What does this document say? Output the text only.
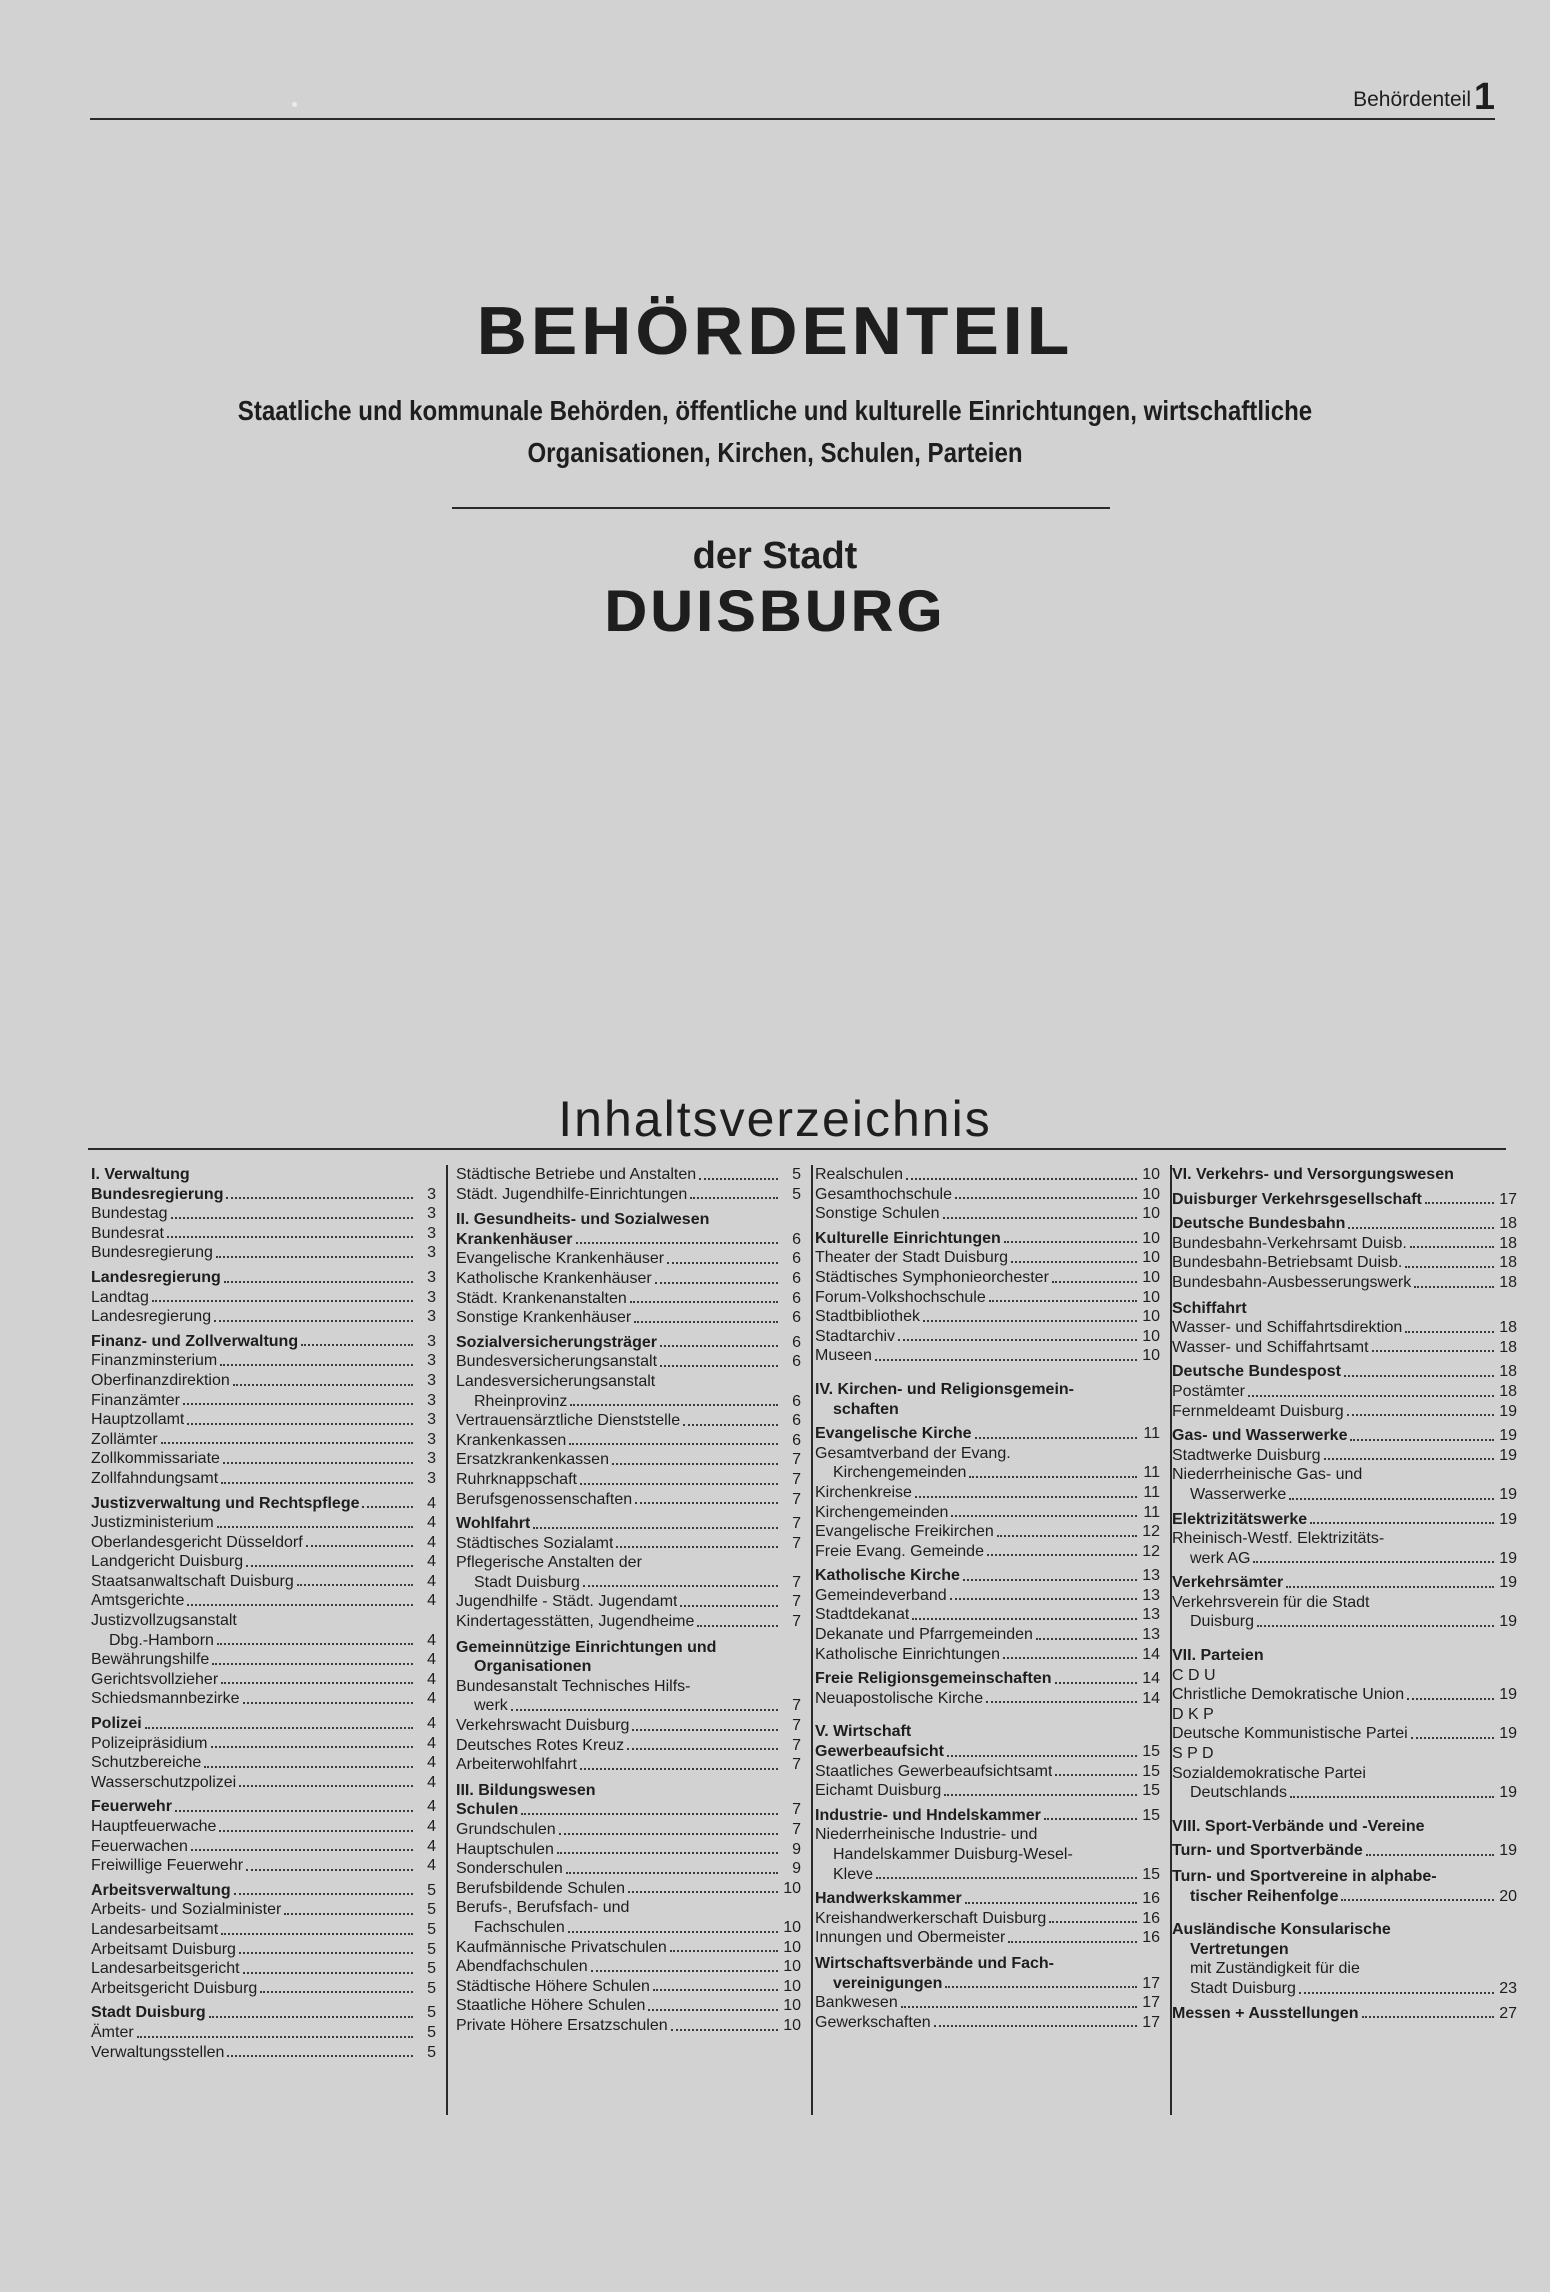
Behördenteil 1
BEHÖRDENTEIL
Staatliche und kommunale Behörden, öffentliche und kulturelle Einrichtungen, wirtschaftliche
Organisationen, Kirchen, Schulen, Parteien
der Stadt
DUISBURG
Inhaltsverzeichnis
I. Verwaltung
Bundesregierung	3
Bundestag	3
Bundesrat	3
Bundesregierung	3
Landesregierung	3
Landtag	3
Landesregierung	3
Finanz- und Zollverwaltung	3
Finanzminsterium	3
Oberfinanzdirektion	3
Finanzämter	3
Hauptzollamt	3
Zollämter	3
Zollkommissariate	3
Zollfahndungsamt	3
Justizverwaltung und Rechtspflege	4
Justizministerium	4
Oberlandesgericht Düsseldorf	4
Landgericht Duisburg	4
Staatsanwaltschaft Duisburg	4
Amtsgerichte	4
Justizvollzugsanstalt
Dbg.-Hamborn	4
Bewährungshilfe	4
Gerichtsvollzieher	4
Schiedsmannbezirke	4
Polizei	4
Polizeipräsidium	4
Schutzbereiche	4
Wasserschutzpolizei	4
Feuerwehr	4
Hauptfeuerwache	4
Feuerwachen	4
Freiwillige Feuerwehr	4
Arbeitsverwaltung	5
Arbeits- und Sozialminister	5
Landesarbeitsamt	5
Arbeitsamt Duisburg	5
Landesarbeitsgericht	5
Arbeitsgericht Duisburg	5
Stadt Duisburg	5
Ämter	5
Verwaltungsstellen	5
Städtische Betriebe und Anstalten	5
Städt. Jugendhilfe-Einrichtungen	5
II. Gesundheits- und Sozialwesen
Krankenhäuser	6
Evangelische Krankenhäuser	6
Katholische Krankenhäuser	6
Städt. Krankenanstalten	6
Sonstige Krankenhäuser	6
Sozialversicherungsträger	6
Bundesversicherungsanstalt	6
Landesversicherungsanstalt
Rheinprovinz	6
Vertrauensärztliche Dienststelle	6
Krankenkassen	6
Ersatzkrankenkassen	7
Ruhrknappschaft	7
Berufsgenossenschaften	7
Wohlfahrt	7
Städtisches Sozialamt	7
Pflegerische Anstalten der
Stadt Duisburg	7
Jugendhilfe - Städt. Jugendamt	7
Kindertagesstätten, Jugendheime	7
Gemeinnützige Einrichtungen und
Organisationen
Bundesanstalt Technisches Hilfs-
werk	7
Verkehrswacht Duisburg	7
Deutsches Rotes Kreuz	7
Arbeiterwohlfahrt	7
III. Bildungswesen
Schulen	7
Grundschulen	7
Hauptschulen	9
Sonderschulen	9
Berufsbildende Schulen	10
Berufs-, Berufsfach- und
Fachschulen	10
Kaufmännische Privatschulen	10
Abendfachschulen	10
Städtische Höhere Schulen	10
Staatliche Höhere Schulen	10
Private Höhere Ersatzschulen	10
Realschulen	10
Gesamthochschule	10
Sonstige Schulen	10
Kulturelle Einrichtungen	10
Theater der Stadt Duisburg	10
Städtisches Symphonieorchester	10
Forum-Volkshochschule	10
Stadtbibliothek	10
Stadtarchiv	10
Museen	10
IV. Kirchen- und Religionsgemein-
schaften
Evangelische Kirche	11
Gesamtverband der Evang.
Kirchengemeinden	11
Kirchenkreise	11
Kirchengemeinden	11
Evangelische Freikirchen	12
Freie Evang. Gemeinde	12
Katholische Kirche	13
Gemeindeverband	13
Stadtdekanat	13
Dekanate und Pfarrgemeinden	13
Katholische Einrichtungen	14
Freie Religionsgemeinschaften	14
Neuapostolische Kirche	14
V. Wirtschaft
Gewerbeaufsicht	15
Staatliches Gewerbeaufsichtsamt	15
Eichamt Duisburg	15
Industrie- und Hndelskammer	15
Niederrheinische Industrie- und
Handelskammer Duisburg-Wesel-
Kleve	15
Handwerkskammer	16
Kreishandwerkerschaft Duisburg	16
Innungen und Obermeister	16
Wirtschaftsverbände und Fach-
vereinigungen	17
Bankwesen	17
Gewerkschaften	17
VI. Verkehrs- und Versorgungswesen
Duisburger Verkehrsgesellschaft	17
Deutsche Bundesbahn	18
Bundesbahn-Verkehrsamt Duisb.	18
Bundesbahn-Betriebsamt Duisb.	18
Bundesbahn-Ausbesserungswerk	18
Schiffahrt
Wasser- und Schiffahrtsdirektion	18
Wasser- und Schiffahrtsamt	18
Deutsche Bundespost	18
Postämter	18
Fernmeldeamt Duisburg	19
Gas- und Wasserwerke	19
Stadtwerke Duisburg	19
Niederrheinische Gas- und
Wasserwerke	19
Elektrizitätswerke	19
Rheinisch-Westf. Elektrizitäts-
werk AG	19
Verkehrsämter	19
Verkehrsverein für die Stadt
Duisburg	19
VII. Parteien
C D U
Christliche Demokratische Union	19
D K P
Deutsche Kommunistische Partei	19
S P D
Sozialdemokratische Partei
Deutschlands	19
VIII. Sport-Verbände und -Vereine
Turn- und Sportverbände	19
Turn- und Sportvereine in alphabe-
tischer Reihenfolge	20
Ausländische Konsularische
Vertretungen
mit Zuständigkeit für die
Stadt Duisburg	23
Messen + Ausstellungen	27
